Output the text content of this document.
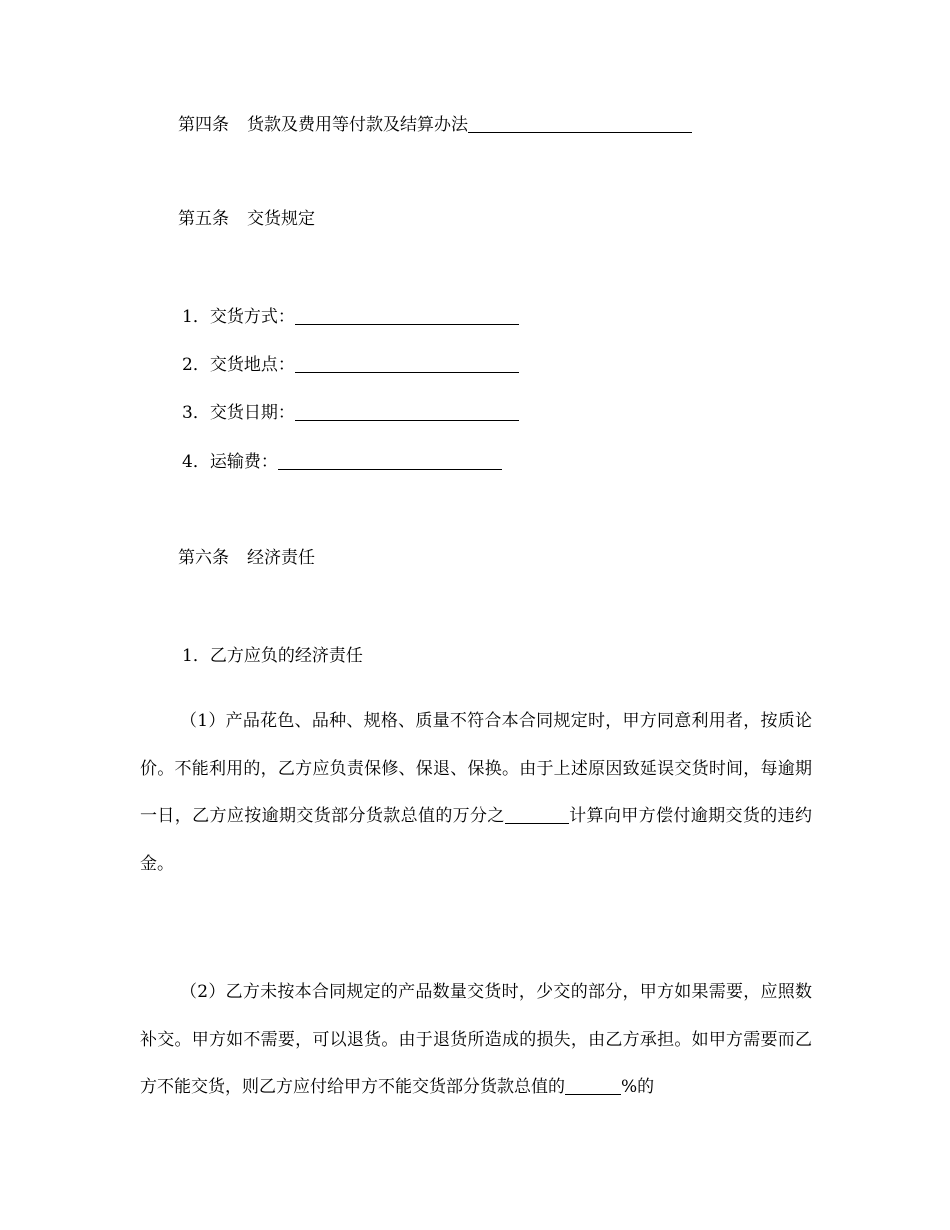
第四条 货款及费用等付款及结算办法
第五条 交货规定
1．交货方式：
2．交货地点：
3．交货日期：
4．运输费：
第六条 经济责任
1．乙方应负的经济责任
（1）产品花色、品种、规格、质量不符合本合同规定时，甲方同意利用者，按质论价。不能利用的，乙方应负责保修、保退、保换。由于上述原因致延误交货时间，每逾期一日，乙方应按逾期交货部分货款总值的万分之	计算向甲方偿付逾期交货的违约金。
（2）乙方未按本合同规定的产品数量交货时，少交的部分，甲方如果需要，应照数补交。甲方如不需要，可以退货。由于退货所造成的损失，由乙方承担。如甲方需要而乙方不能交货，则乙方应付给甲方不能交货部分货款总值的	%的
